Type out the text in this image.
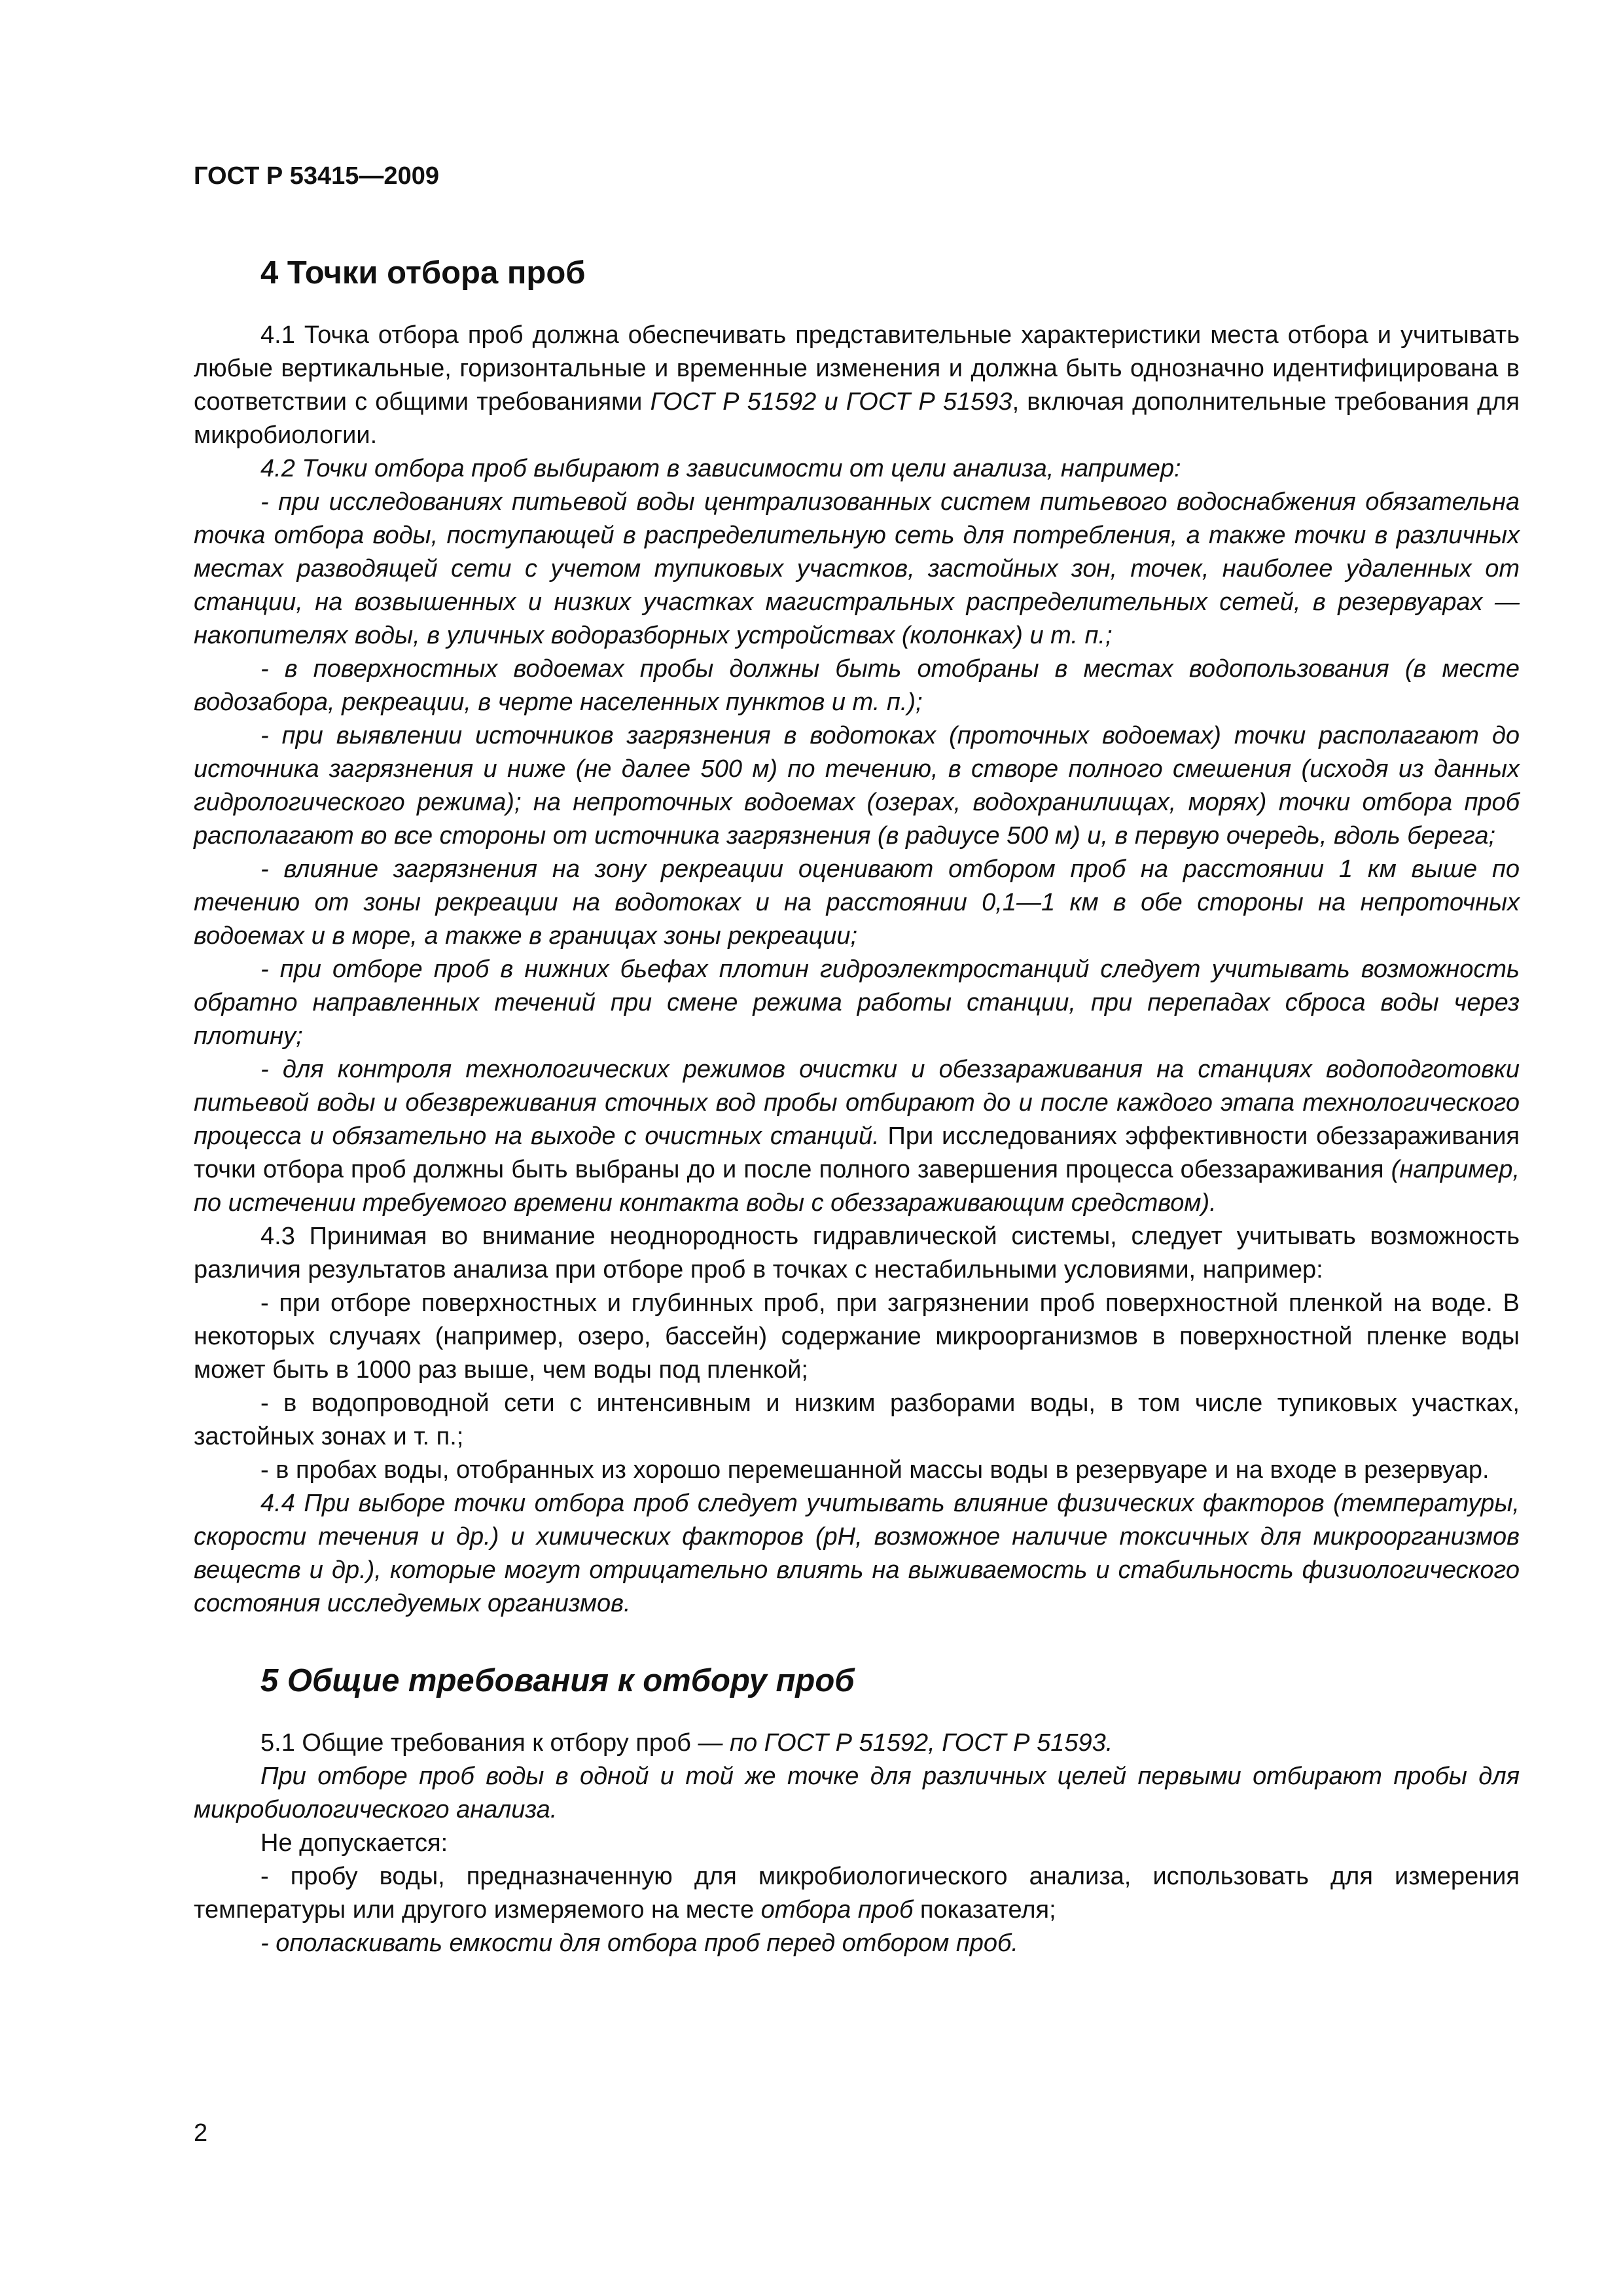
ГОСТ Р 53415—2009
4 Точки отбора проб

4.1 Точка отбора проб должна обеспечивать представительные характеристики места отбора и учитывать любые вертикальные, горизонтальные и временные изменения и должна быть однозначно идентифицирована в соответствии с общими требованиями ГОСТ Р 51592 и ГОСТ Р 51593, включая дополнительные требования для микробиологии.

4.2 Точки отбора проб выбирают в зависимости от цели анализа, например:

- при исследованиях питьевой воды централизованных систем питьевого водоснабжения обязательна точка отбора воды, поступающей в распределительную сеть для потребления, а также точки в различных местах разводящей сети с учетом тупиковых участков, застойных зон, точек, наиболее удаленных от станции, на возвышенных и низких участках магистральных распределительных сетей, в резервуарах — накопителях воды, в уличных водоразборных устройствах (колонках) и т. п.;

- в поверхностных водоемах пробы должны быть отобраны в местах водопользования (в месте водозабора, рекреации, в черте населенных пунктов и т. п.);

- при выявлении источников загрязнения в водотоках (проточных водоемах) точки располагают до источника загрязнения и ниже (не далее 500 м) по течению, в створе полного смешения (исходя из данных гидрологического режима); на непроточных водоемах (озерах, водохранилищах, морях) точки отбора проб располагают во все стороны от источника загрязнения (в радиусе 500 м) и, в первую очередь, вдоль берега;

- влияние загрязнения на зону рекреации оценивают отбором проб на расстоянии 1 км выше по течению от зоны рекреации на водотоках и на расстоянии 0,1—1 км в обе стороны на непроточных водоемах и в море, а также в границах зоны рекреации;

- при отборе проб в нижних бьефах плотин гидроэлектростанций следует учитывать возможность обратно направленных течений при смене режима работы станции, при перепадах сброса воды через плотину;

- для контроля технологических режимов очистки и обеззараживания на станциях водоподготовки питьевой воды и обезвреживания сточных вод пробы отбирают до и после каждого этапа технологического процесса и обязательно на выходе с очистных станций. При исследованиях эффективности обеззараживания точки отбора проб должны быть выбраны до и после полного завершения процесса обеззараживания (например, по истечении требуемого времени контакта воды с обеззараживающим средством).

4.3 Принимая во внимание неоднородность гидравлической системы, следует учитывать возможность различия результатов анализа при отборе проб в точках с нестабильными условиями, например:

- при отборе поверхностных и глубинных проб, при загрязнении проб поверхностной пленкой на воде. В некоторых случаях (например, озеро, бассейн) содержание микроорганизмов в поверхностной пленке воды может быть в 1000 раз выше, чем воды под пленкой;

- в водопроводной сети с интенсивным и низким разборами воды, в том числе тупиковых участках, застойных зонах и т. п.;

- в пробах воды, отобранных из хорошо перемешанной массы воды в резервуаре и на входе в резервуар.

4.4 При выборе точки отбора проб следует учитывать влияние физических факторов (температуры, скорости течения и др.) и химических факторов (pH, возможное наличие токсичных для микроорганизмов веществ и др.), которые могут отрицательно влиять на выживаемость и стабильность физиологического состояния исследуемых организмов.

5 Общие требования к отбору проб

5.1 Общие требования к отбору проб — по ГОСТ Р 51592, ГОСТ Р 51593.

При отборе проб воды в одной и той же точке для различных целей первыми отбирают пробы для микробиологического анализа.

Не допускается:

- пробу воды, предназначенную для микробиологического анализа, использовать для измерения температуры или другого измеряемого на месте отбора проб показателя;

- ополаскивать емкости для отбора проб перед отбором проб.

2
